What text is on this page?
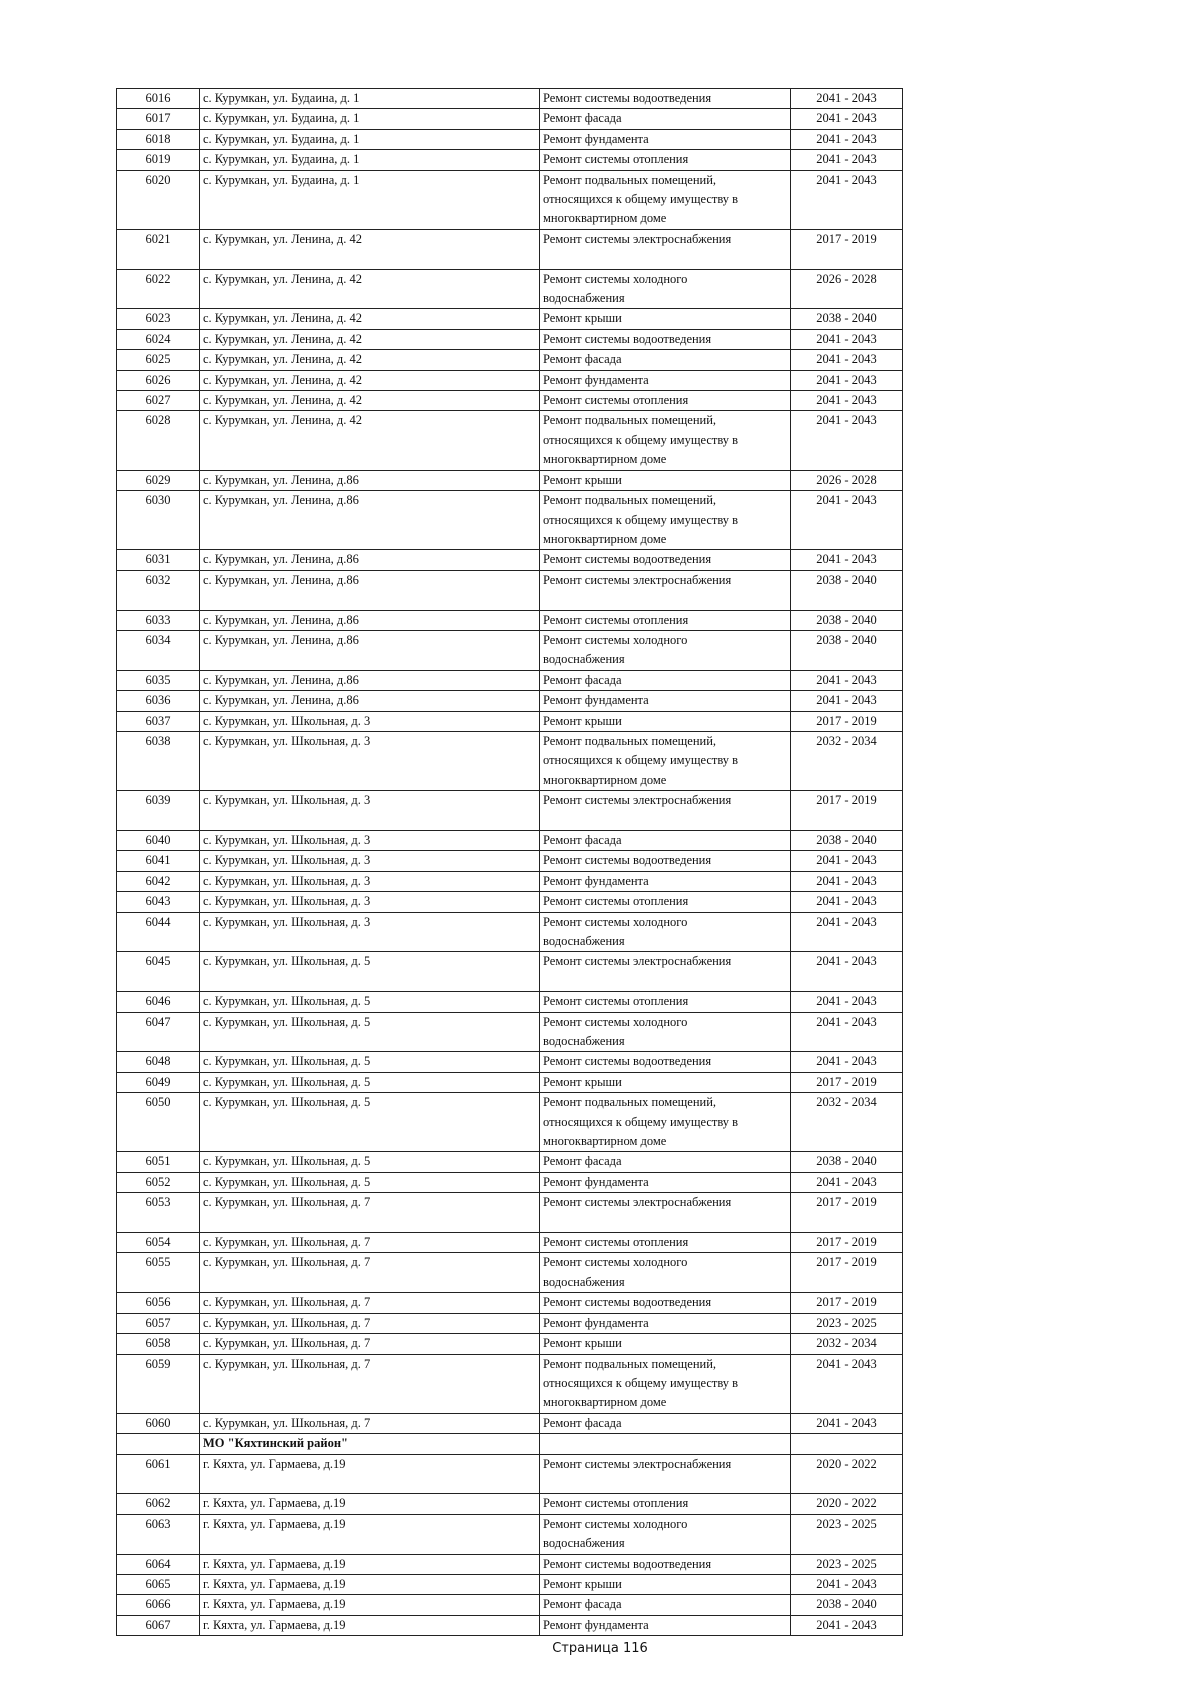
6016	с. Курумкан, ул. Будаина, д. 1	Ремонт системы водоотведения	2041 - 2043
6017	с. Курумкан, ул. Будаина, д. 1	Ремонт фасада	2041 - 2043
6018	с. Курумкан, ул. Будаина, д. 1	Ремонт фундамента	2041 - 2043
6019	с. Курумкан, ул. Будаина, д. 1	Ремонт системы отопления	2041 - 2043
6020	с. Курумкан, ул. Будаина, д. 1	Ремонт подвальных помещений,
относящихся к общему имуществу в
многоквартирном доме	2041 - 2043
6021	с. Курумкан, ул. Ленина, д. 42	Ремонт системы электроснабжения	2017 - 2019
6022	с. Курумкан, ул. Ленина, д. 42	Ремонт системы холодного
водоснабжения	2026 - 2028
6023	с. Курумкан, ул. Ленина, д. 42	Ремонт крыши	2038 - 2040
6024	с. Курумкан, ул. Ленина, д. 42	Ремонт системы водоотведения	2041 - 2043
6025	с. Курумкан, ул. Ленина, д. 42	Ремонт фасада	2041 - 2043
6026	с. Курумкан, ул. Ленина, д. 42	Ремонт фундамента	2041 - 2043
6027	с. Курумкан, ул. Ленина, д. 42	Ремонт системы отопления	2041 - 2043
6028	с. Курумкан, ул. Ленина, д. 42	Ремонт подвальных помещений,
относящихся к общему имуществу в
многоквартирном доме	2041 - 2043
6029	с. Курумкан, ул. Ленина, д.86	Ремонт крыши	2026 - 2028
6030	с. Курумкан, ул. Ленина, д.86	Ремонт подвальных помещений,
относящихся к общему имуществу в
многоквартирном доме	2041 - 2043
6031	с. Курумкан, ул. Ленина, д.86	Ремонт системы водоотведения	2041 - 2043
6032	с. Курумкан, ул. Ленина, д.86	Ремонт системы электроснабжения	2038 - 2040
6033	с. Курумкан, ул. Ленина, д.86	Ремонт системы отопления	2038 - 2040
6034	с. Курумкан, ул. Ленина, д.86	Ремонт системы холодного
водоснабжения	2038 - 2040
6035	с. Курумкан, ул. Ленина, д.86	Ремонт фасада	2041 - 2043
6036	с. Курумкан, ул. Ленина, д.86	Ремонт фундамента	2041 - 2043
6037	с. Курумкан, ул. Школьная, д. 3	Ремонт крыши	2017 - 2019
6038	с. Курумкан, ул. Школьная, д. 3	Ремонт подвальных помещений,
относящихся к общему имуществу в
многоквартирном доме	2032 - 2034
6039	с. Курумкан, ул. Школьная, д. 3	Ремонт системы электроснабжения	2017 - 2019
6040	с. Курумкан, ул. Школьная, д. 3	Ремонт фасада	2038 - 2040
6041	с. Курумкан, ул. Школьная, д. 3	Ремонт системы водоотведения	2041 - 2043
6042	с. Курумкан, ул. Школьная, д. 3	Ремонт фундамента	2041 - 2043
6043	с. Курумкан, ул. Школьная, д. 3	Ремонт системы отопления	2041 - 2043
6044	с. Курумкан, ул. Школьная, д. 3	Ремонт системы холодного
водоснабжения	2041 - 2043
6045	с. Курумкан, ул. Школьная, д. 5	Ремонт системы электроснабжения	2041 - 2043
6046	с. Курумкан, ул. Школьная, д. 5	Ремонт системы отопления	2041 - 2043
6047	с. Курумкан, ул. Школьная, д. 5	Ремонт системы холодного
водоснабжения	2041 - 2043
6048	с. Курумкан, ул. Школьная, д. 5	Ремонт системы водоотведения	2041 - 2043
6049	с. Курумкан, ул. Школьная, д. 5	Ремонт крыши	2017 - 2019
6050	с. Курумкан, ул. Школьная, д. 5	Ремонт подвальных помещений,
относящихся к общему имуществу в
многоквартирном доме	2032 - 2034
6051	с. Курумкан, ул. Школьная, д. 5	Ремонт фасада	2038 - 2040
6052	с. Курумкан, ул. Школьная, д. 5	Ремонт фундамента	2041 - 2043
6053	с. Курумкан, ул. Школьная, д. 7	Ремонт системы электроснабжения	2017 - 2019
6054	с. Курумкан, ул. Школьная, д. 7	Ремонт системы отопления	2017 - 2019
6055	с. Курумкан, ул. Школьная, д. 7	Ремонт системы холодного
водоснабжения	2017 - 2019
6056	с. Курумкан, ул. Школьная, д. 7	Ремонт системы водоотведения	2017 - 2019
6057	с. Курумкан, ул. Школьная, д. 7	Ремонт фундамента	2023 - 2025
6058	с. Курумкан, ул. Школьная, д. 7	Ремонт крыши	2032 - 2034
6059	с. Курумкан, ул. Школьная, д. 7	Ремонт подвальных помещений,
относящихся к общему имуществу в
многоквартирном доме	2041 - 2043
6060	с. Курумкан, ул. Школьная, д. 7	Ремонт фасада	2041 - 2043
	МО "Кяхтинский район"		
6061	г. Кяхта, ул. Гармаева, д.19	Ремонт системы электроснабжения	2020 - 2022
6062	г. Кяхта, ул. Гармаева, д.19	Ремонт системы отопления	2020 - 2022
6063	г. Кяхта, ул. Гармаева, д.19	Ремонт системы холодного
водоснабжения	2023 - 2025
6064	г. Кяхта, ул. Гармаева, д.19	Ремонт системы водоотведения	2023 - 2025
6065	г. Кяхта, ул. Гармаева, д.19	Ремонт крыши	2041 - 2043
6066	г. Кяхта, ул. Гармаева, д.19	Ремонт фасада	2038 - 2040
6067	г. Кяхта, ул. Гармаева, д.19	Ремонт фундамента	2041 - 2043
Страница 116
